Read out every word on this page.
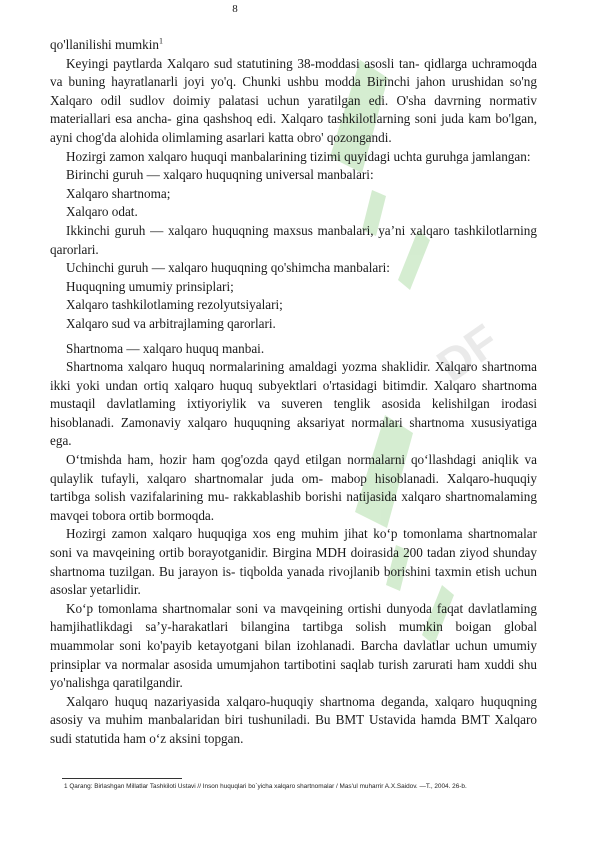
DF
8

qo'llanilishi mumkin$^1$

Keyingi paytlarda Xalqaro sud statutining 38-moddasi asosli tan- qidlarga uchramoqda va buning hayratlanarli joyi yo'q. Chunki ushbu modda Birinchi jahon urushidan so'ng Xalqaro odil sudlov doimiy palatasi uchun yaratilgan edi. O'sha davrning normativ materiallari esa ancha- gina qashshoq edi. Xalqaro tashkilotlarning soni juda kam bo'lgan, ayni chog'da alohida olimlaming asarlari katta obro' qozongandi.

Hozirgi zamon xalqaro huquqi manbalarining tizimi quyidagi uchta guruhga jamlangan:

Birinchi guruh — xalqaro huquqning universal manbalari:

Xalqaro shartnoma;

Xalqaro odat.

Ikkinchi guruh — xalqaro huquqning maxsus manbalari, ya’ni xalqaro tashkilotlarning qarorlari.

Uchinchi guruh — xalqaro huquqning qo'shimcha manbalari:

Huquqning umumiy prinsiplari;

Xalqaro tashkilotlaming rezolyutsiyalari;

Xalqaro sud va arbitrajlaming qarorlari.

Shartnoma — xalqaro huquq manbai.

Shartnoma xalqaro huquq normalarining amaldagi yozma shaklidir. Xalqaro shartnoma ikki yoki undan ortiq xalqaro huquq subyektlari o'rtasidagi bitimdir. Xalqaro shartnoma mustaqil davlatlaming ixtiyoriylik va suveren tenglik asosida kelishilgan irodasi hisoblanadi. Zamonaviy xalqaro huquqning aksariyat normalari shartnoma xususiyatiga ega.

O‘tmishda ham, hozir ham qog'ozda qayd etilgan normalarni qo‘llashdagi aniqlik va qulaylik tufayli, xalqaro shartnomalar juda om- mabop hisoblanadi. Xalqaro-huquqiy tartibga solish vazifalarining mu- rakkablashib borishi natijasida xalqaro shartnomalaming mavqei tobora ortib bormoqda.

Hozirgi zamon xalqaro huquqiga xos eng muhim jihat ko‘p tomonlama shartnomalar soni va mavqeining ortib borayotganidir. Birgina MDH doirasida 200 tadan ziyod shunday shartnoma tuzilgan. Bu jarayon is- tiqbolda yanada rivojlanib borishini taxmin etish uchun asoslar yetarlidir.

Ko‘p tomonlama shartnomalar soni va mavqeining ortishi dunyoda faqat davlatlaming hamjihatlikdagi sa’y-harakatlari bilangina tartibga solish mumkin boigan global muammolar soni ko'payib ketayotgani bilan izohlanadi. Barcha davlatlar uchun umumiy prinsiplar va normalar asosida umumjahon tartibotini saqlab turish zarurati ham xuddi shu yo'nalishga qaratilgandir.

Xalqaro huquq nazariyasida xalqaro-huquqiy shartnoma deganda, xalqaro huquqning asosiy va muhim manbalaridan biri tushuniladi. Bu BMT Ustavida hamda BMT Xalqaro sudi statutida ham o‘z aksini topgan.

1 Qarang: Birlashgan Millatlar Tashkiloti Ustavi // Inson huquqlari bo`yicha xalqaro shartnomalar / Mas'ul muharrir A.X.Saidov. —T., 2004. 26-b.
